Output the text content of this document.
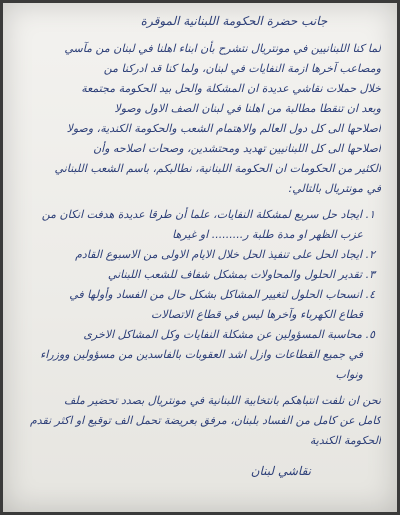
جانب حضرة الحكومة اللبنانية الموقرة
لما كنا اللبنانيين في مونتريال نتشرح بأن ابناء اهلنا في لبنان من مآسي
ومصاعب آخرها ازمة النفايات في لبنان، ولما كنا قد ادركنا من
خلال حملات نقاشي عديدة ان المشكلة والحل بيد الحكومة مجتمعة
وبعد ان تنقطا مطالبة من اهلنا في لبنان الصف الاول وصولا
اصلاحها الى كل دول العالم والاهتمام الشعب والحكومة الكندية، وصولا
اصلاحها الى كل اللبنانيين تهديد ومحتشدين، وصحات اصلاحه وأن
الكثير من الحكومات ان الحكومة اللبنانية، نطالبكم، باسم الشعب اللبناني
في مونتريال بالتالي:
١. ايجاد حل سريع لمشكلة النفايات، علما أن طرقا عديدة هدفت انكان من
عزب الظهر او مدة طلبة ر......... او غيرها
٢. ايجاد الحل على تنفيذ الحل خلال الايام الاولى من الاسبوع القادم
٣. تقدير الحلول والمحاولات بمشكل شفاف للشعب اللبناني
٤. انسحاب الحلول لتغيير المشاكل بشكل حال من الفساد وأولها في
قطاع الكهرباء وآخرها ليس في قطاع الاتصالات
٥. محاسبة المسؤولين عن مشكلة النفايات وكل المشاكل الاخرى
في جميع القطاعات وازل اشد العقوبات بالفاسدين من مسؤولين ووزراء
ونواب
نحن ان نلفت انتباهكم بانتخابية اللبنانية في مونتريال بصدد تحضير ملف
كامل عن كامل من الفساد بلبنان، مرفق بعريضة تحمل الف توقيع او اكثر نقدم
الحكومة الكندية
نقاشي لبنان
